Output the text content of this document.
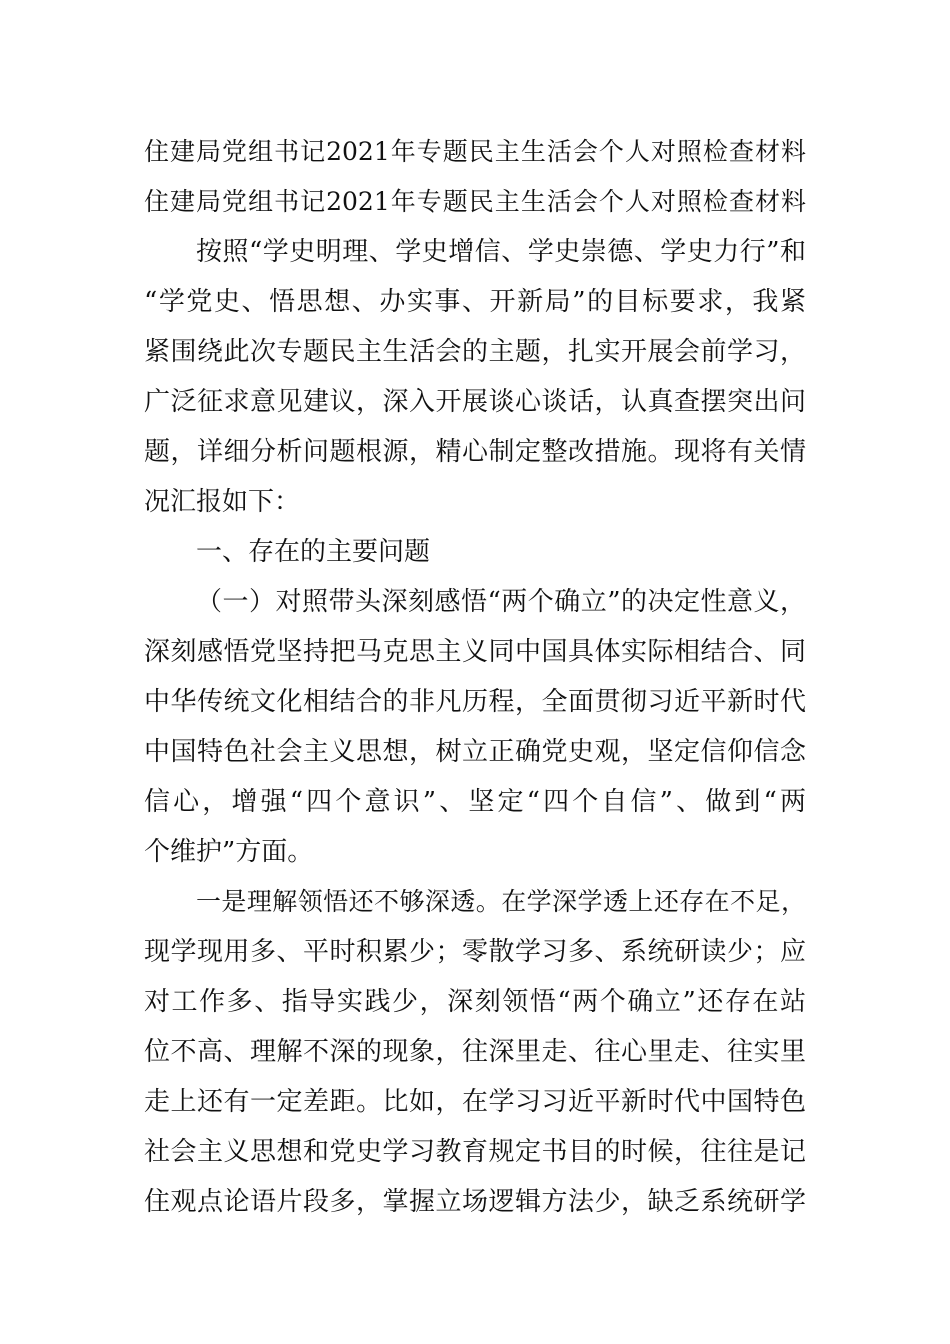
住建局党组书记2021年专题民主生活会个人对照检查材料
住建局党组书记2021年专题民主生活会个人对照检查材料
按照“学史明理、学史增信、学史崇德、学史力行”和
“学党史、悟思想、办实事、开新局”的目标要求，我紧
紧围绕此次专题民主生活会的主题，扎实开展会前学习，
广泛征求意见建议，深入开展谈心谈话，认真查摆突出问
题，详细分析问题根源，精心制定整改措施。现将有关情
况汇报如下：
一、存在的主要问题
（一）对照带头深刻感悟“两个确立”的决定性意义，
深刻感悟党坚持把马克思主义同中国具体实际相结合、同
中华传统文化相结合的非凡历程，全面贯彻习近平新时代
中国特色社会主义思想，树立正确党史观，坚定信仰信念
信心，增强“四个意识”、坚定“四个自信”、做到“两
个维护”方面。
一是理解领悟还不够深透。在学深学透上还存在不足，
现学现用多、平时积累少；零散学习多、系统研读少；应
对工作多、指导实践少，深刻领悟“两个确立”还存在站
位不高、理解不深的现象，往深里走、往心里走、往实里
走上还有一定差距。比如，在学习习近平新时代中国特色
社会主义思想和党史学习教育规定书目的时候，往往是记
住观点论语片段多，掌握立场逻辑方法少，缺乏系统研学
